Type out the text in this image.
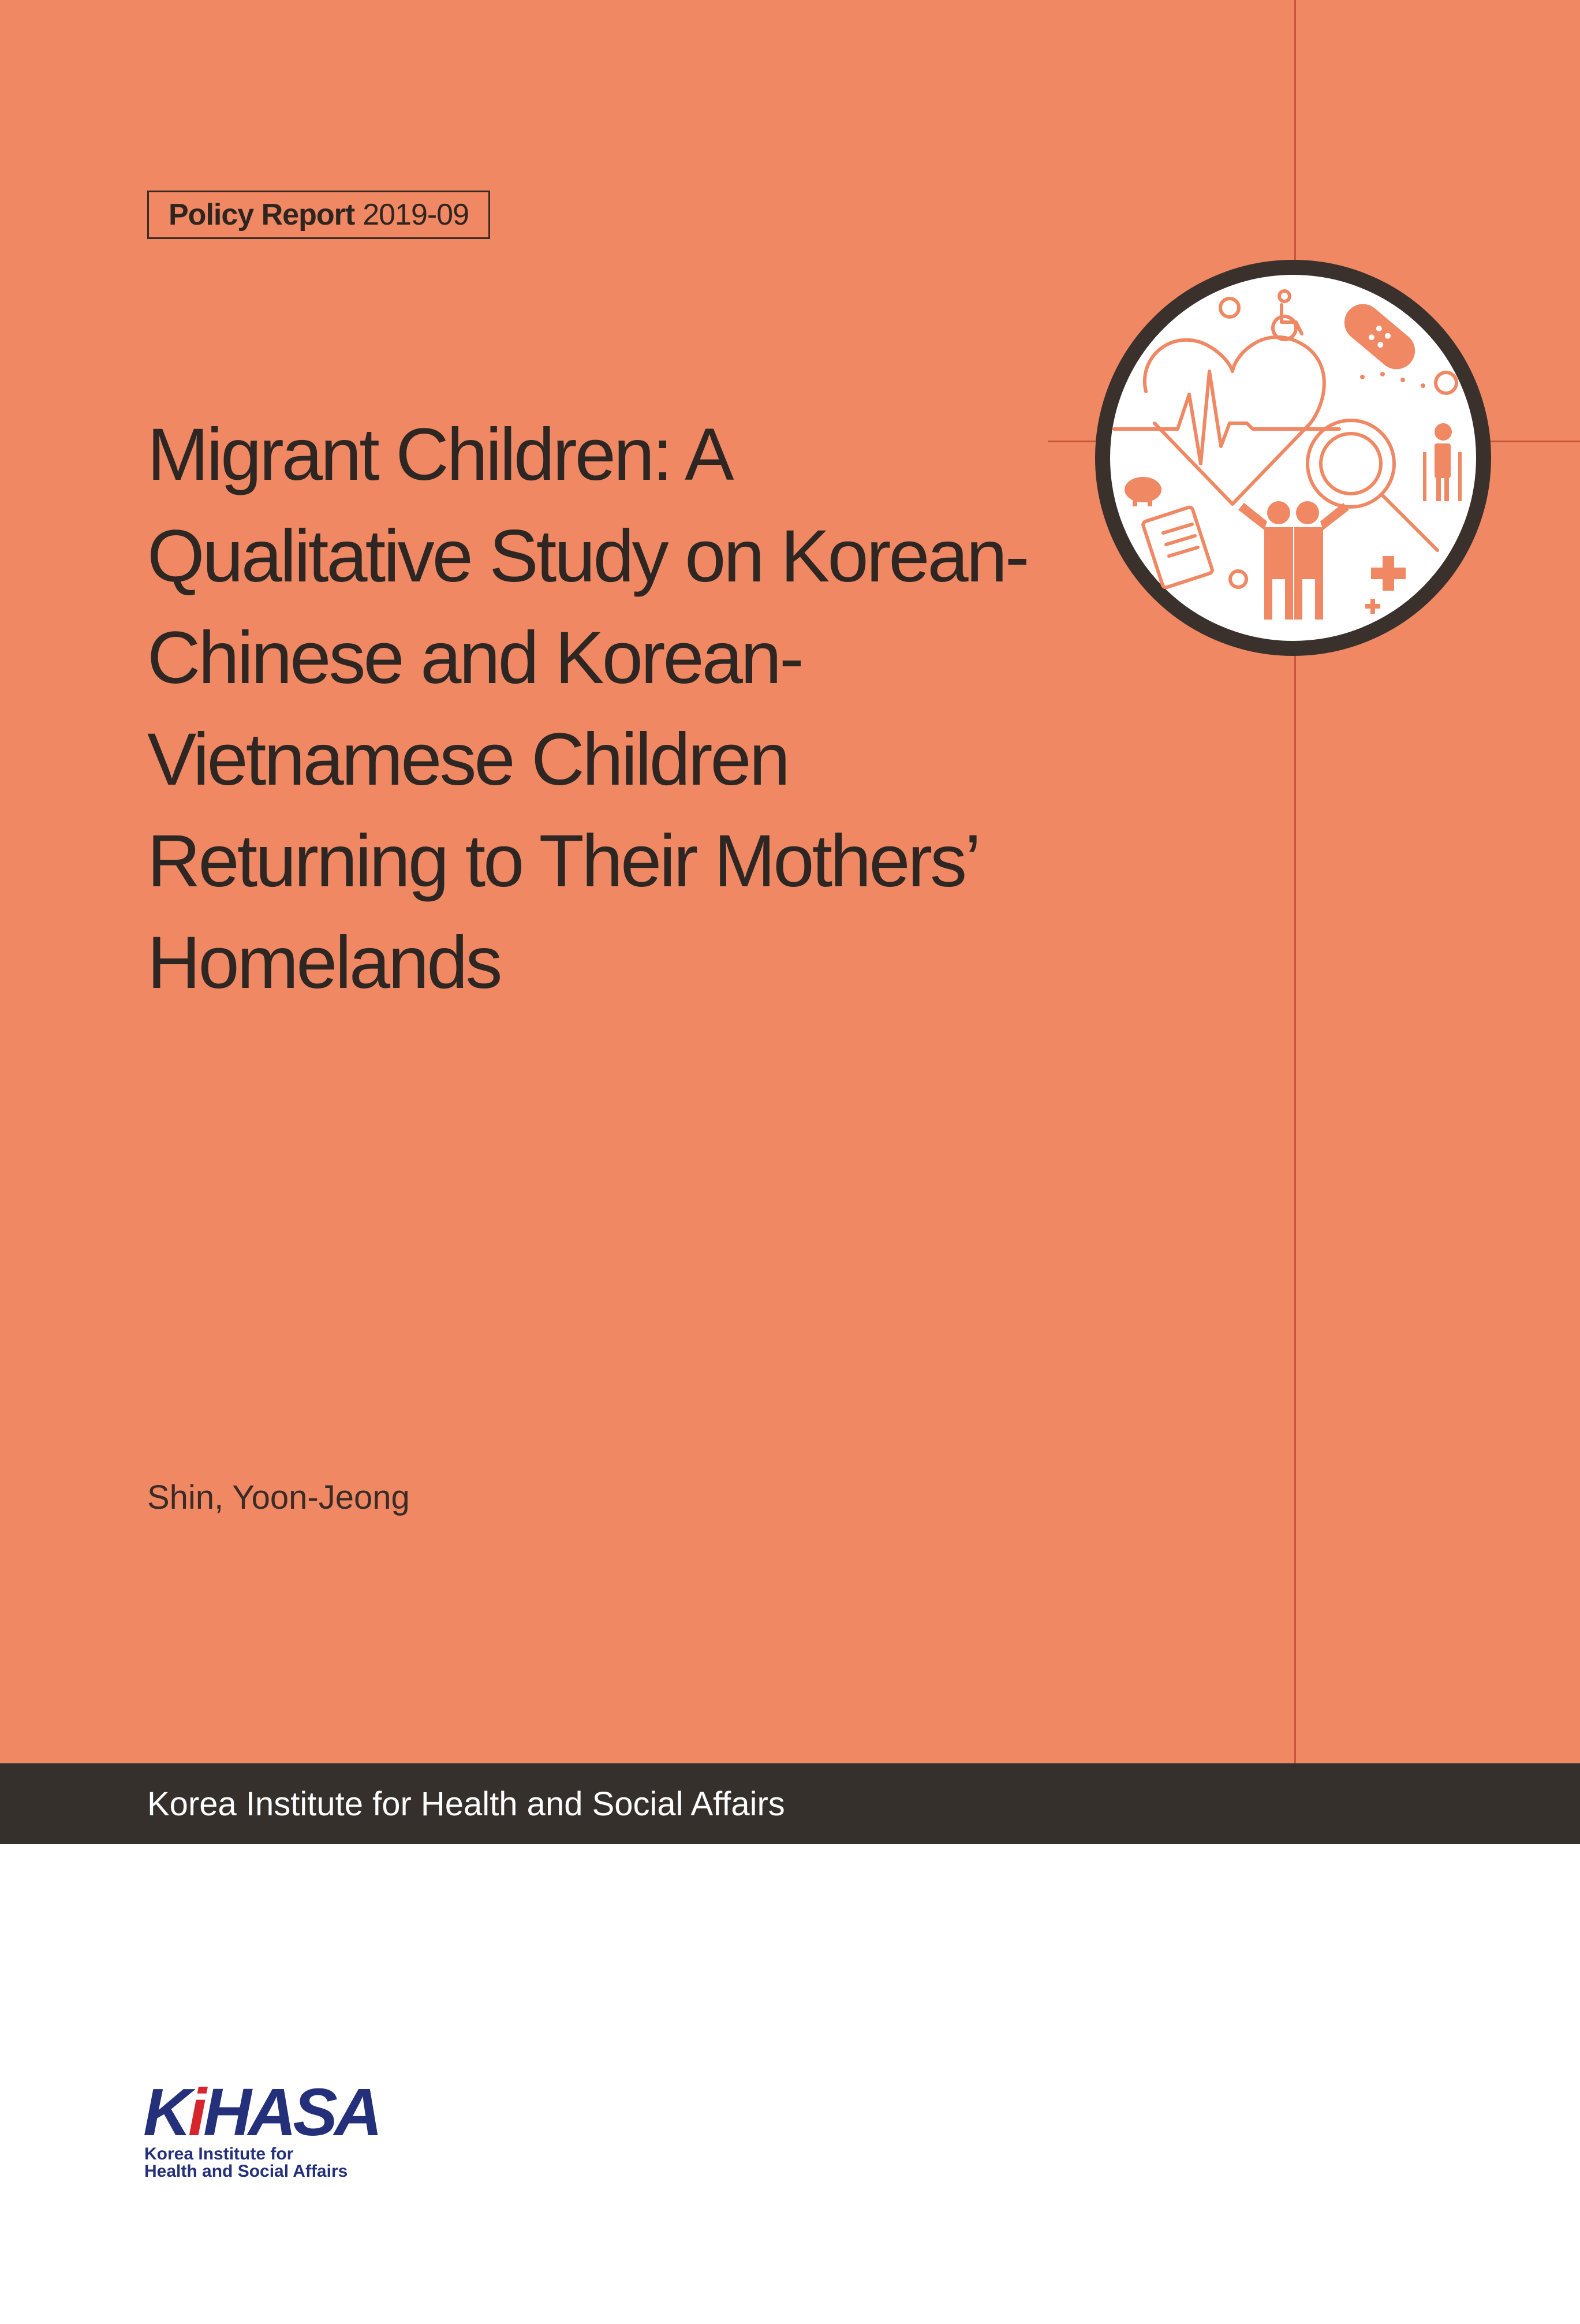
Policy Report 2019-09
Migrant Children: A Qualitative Study on Korean-Chinese and Korean-Vietnamese Children Returning to Their Mothers’ Homelands
Shin, Yoon-Jeong
Korea Institute for Health and Social Affairs
KiHASA
Korea Institute for
Health and Social Affairs
